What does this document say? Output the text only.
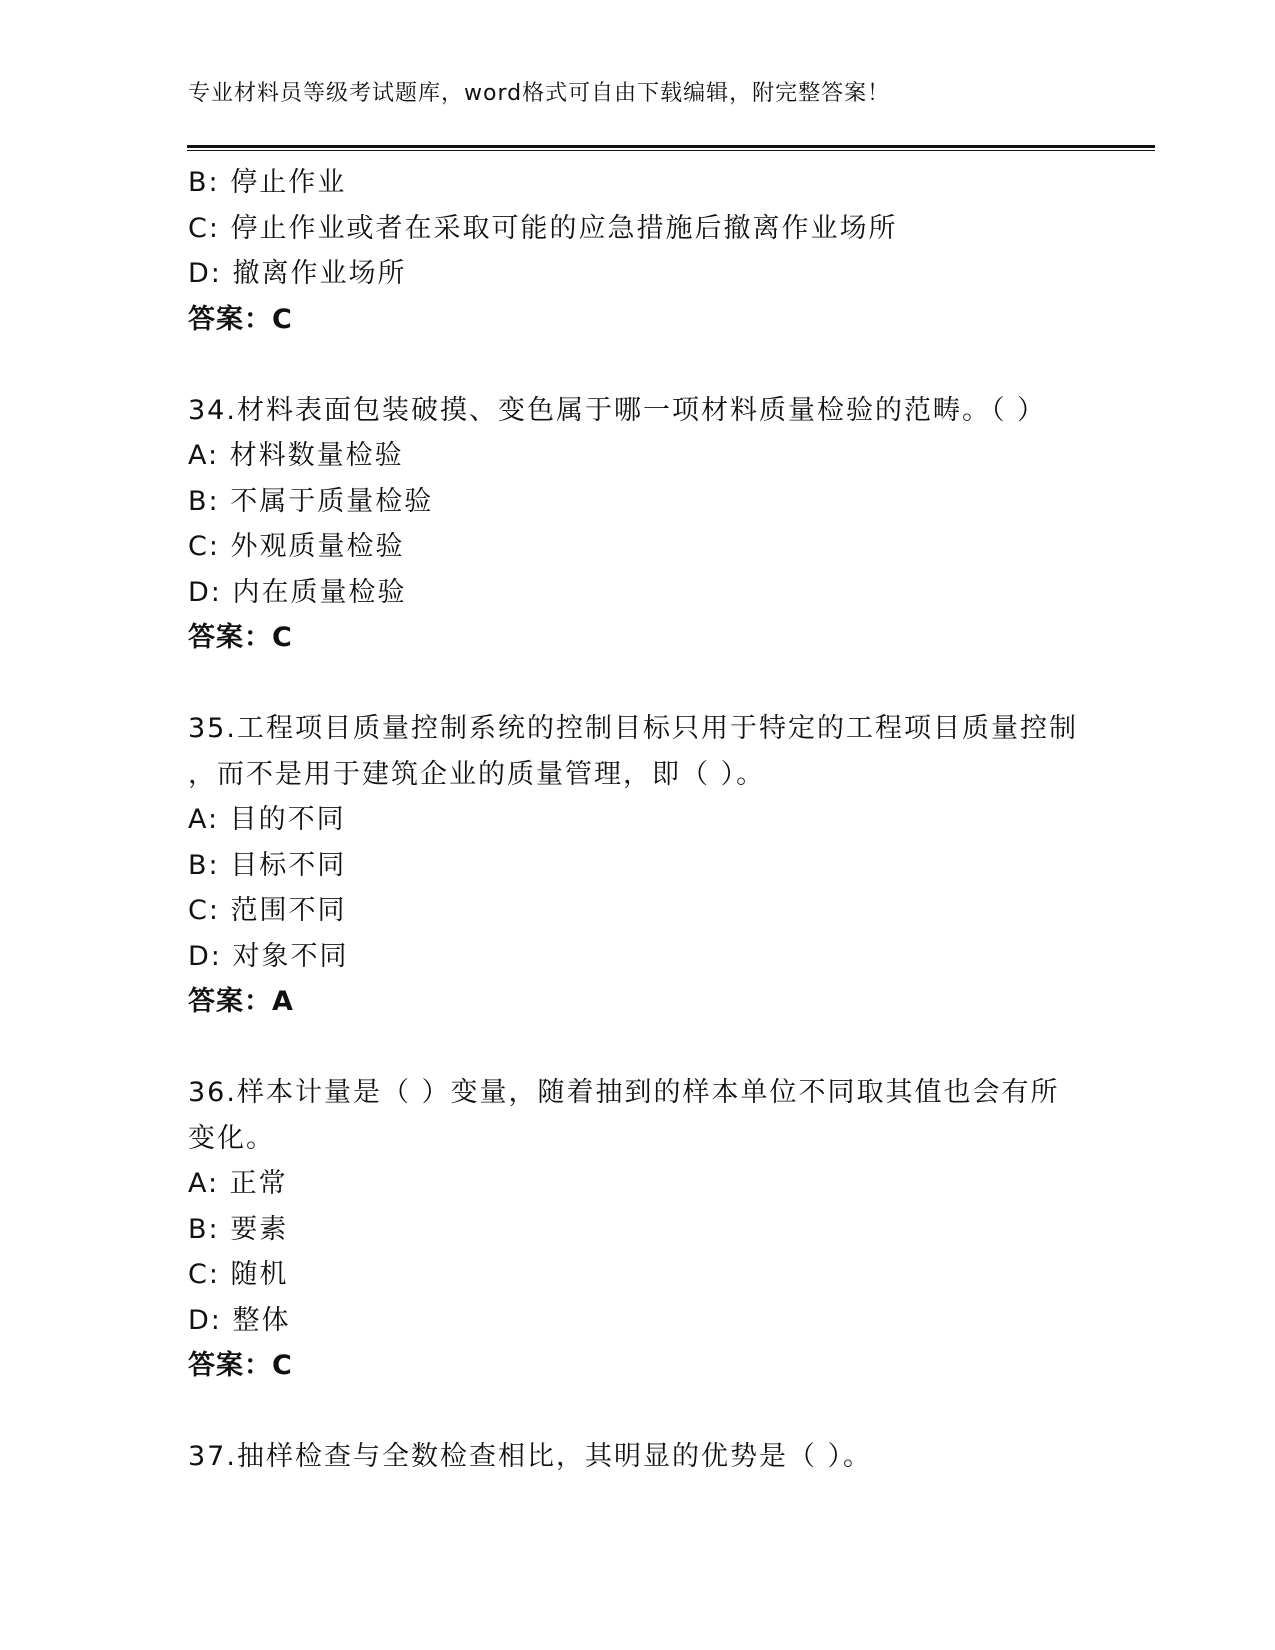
专业材料员等级考试题库，word格式可自由下载编辑，附完整答案！
B: 停止作业
C: 停止作业或者在采取可能的应急措施后撤离作业场所
D: 撤离作业场所
答案：C
34.材料表面包装破摸、变色属于哪一项材料质量检验的范畴。（ ）
A: 材料数量检验
B: 不属于质量检验
C: 外观质量检验
D: 内在质量检验
答案：C
35.工程项目质量控制系统的控制目标只用于特定的工程项目质量控制
，而不是用于建筑企业的质量管理，即（ ）。
A: 目的不同
B: 目标不同
C: 范围不同
D: 对象不同
答案：A
36.样本计量是（ ）变量，随着抽到的样本单位不同取其值也会有所
变化。
A: 正常
B: 要素
C: 随机
D: 整体
答案：C
37.抽样检查与全数检查相比，其明显的优势是（ ）。
